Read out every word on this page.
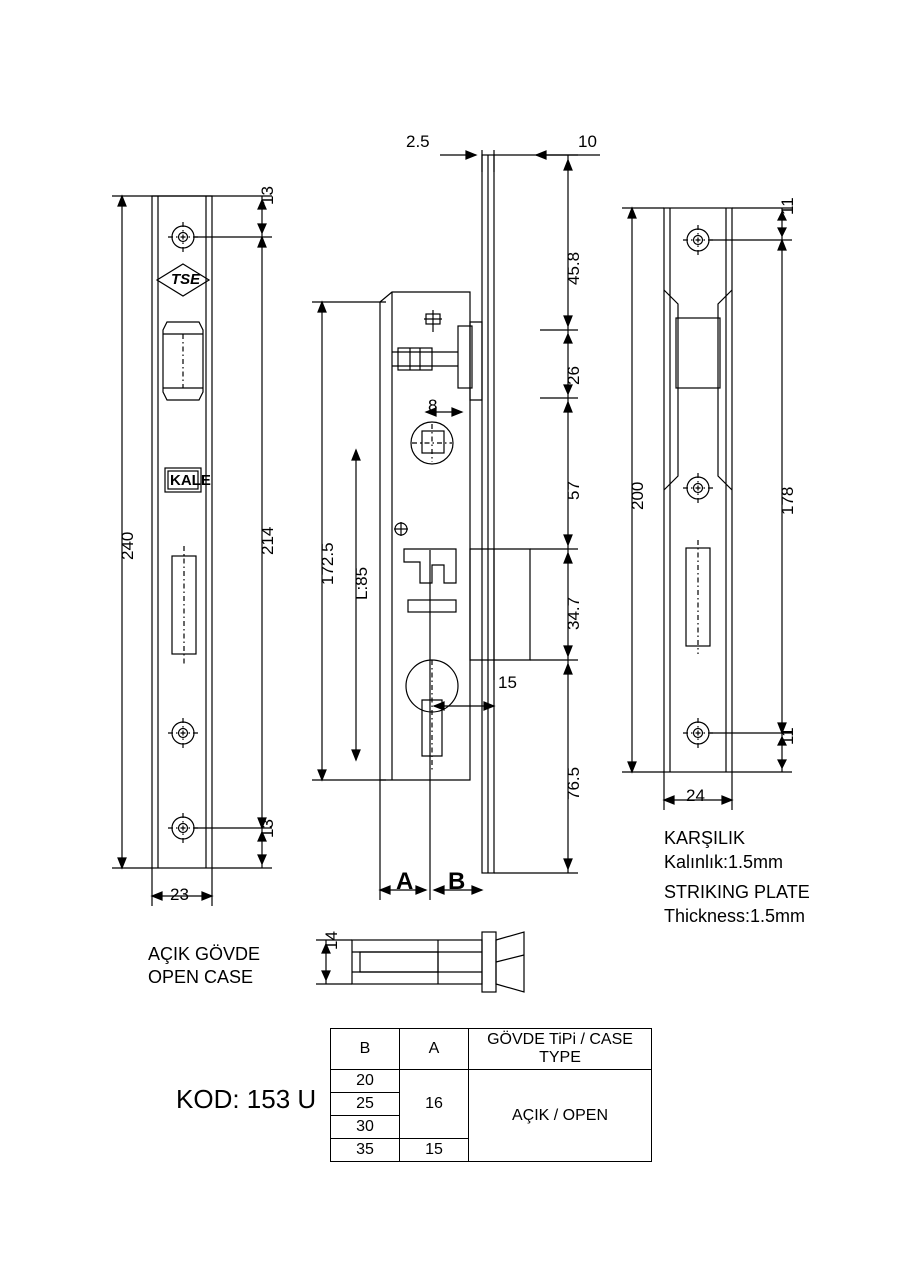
240	214
13
13
23
TSE
KALE
AÇIK GÖVDE
OPEN CASE
2.5	10
45.8
26
57
34.7
15
76.5
172.5 L:85
8
A B
200	178
11
11
24
KARŞILIK
Kalınlık:1.5mm
STRIKING PLATE
Thickness:1.5mm
14
KOD: 153 U
B	A	GÖVDE TiPi / CASE TYPE
20	16	AÇIK / OPEN
25		
30		
35	15	
